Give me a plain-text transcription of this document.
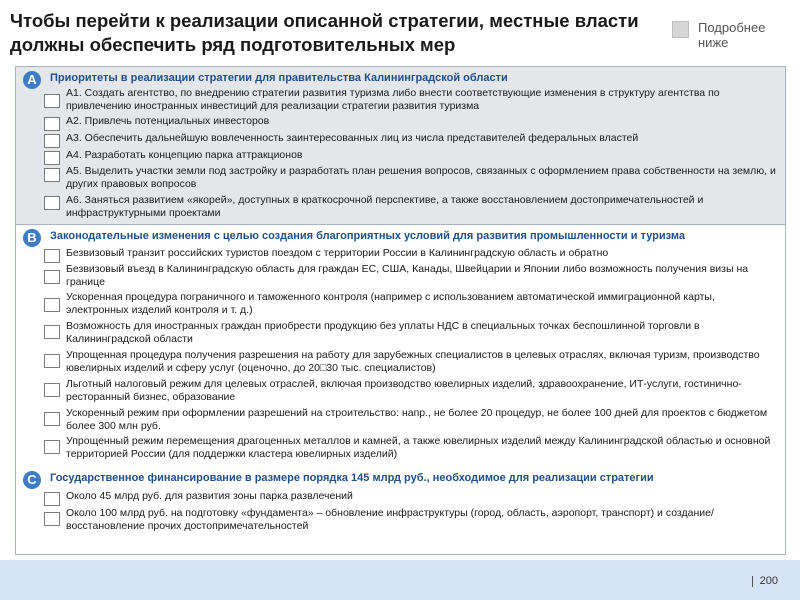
Чтобы перейти к реализации описанной стратегии, местные власти должны обеспечить ряд подготовительных мер
Подробнее ниже
A	Приоритеты в реализации стратегии для правительства Калининградской области
А1. Создать агентство, по внедрению стратегии развития туризма либо внести соответствующие изменения в структуру агентства по привлечению иностранных инвестиций для реализации стратегии развития туризма
А2. Привлечь потенциальных инвесторов
А3. Обеспечить дальнейшую вовлеченность заинтересованных лиц из числа представителей федеральных властей
А4. Разработать концепцию парка аттракционов
А5. Выделить участки земли под застройку и разработать план решения вопросов, связанных с оформлением права собственности на землю, и других правовых вопросов
А6. Заняться развитием «якорей», доступных в краткосрочной перспективе, а также восстановлением достопримечательностей и инфраструктурными проектами
B	Законодательные изменения с целью создания благоприятных условий для развития промышленности и туризма
Безвизовый транзит российских туристов поездом с территории России в Калининградскую область и обратно
Безвизовый въезд в Калининградскую область для граждан ЕС, США, Канады, Швейцарии и Японии либо возможность получения визы на границе
Ускоренная процедура пограничного и таможенного контроля (например с использованием автоматической иммиграционной карты, электронных изделий контроля и т. д.)
Возможность для иностранных граждан приобрести продукцию без уплаты НДС в специальных точках беспошлинной торговли в Калининградской области
Упрощенная процедура получения разрешения на работу для зарубежных специалистов в целевых отраслях, включая туризм, производство ювелирных изделий и сферу услуг (оценочно, до 20□30 тыс. специалистов)
Льготный налоговый режим для целевых отраслей, включая производство ювелирных изделий, здравоохранение, ИТ-услуги, гостинично-ресторанный бизнес, образование
Ускоренный режим при оформлении разрешений на строительство: напр., не более 20 процедур, не более 100 дней для проектов с бюджетом более 300 млн руб.
Упрощенный режим перемещения драгоценных металлов и камней, а также ювелирных изделий между Калининградской областью и основной территорией России (для поддержки кластера ювелирных изделий)
C	Государственное финансирование в размере порядка 145 млрд руб., необходимое для реализации стратегии
Около 45 млрд руб. для развития зоны парка развлечений
Около 100 млрд руб. на подготовку «фундамента» – обновление инфраструктуры (город, область, аэропорт, транспорт) и создание/восстановление прочих достопримечательностей
200
